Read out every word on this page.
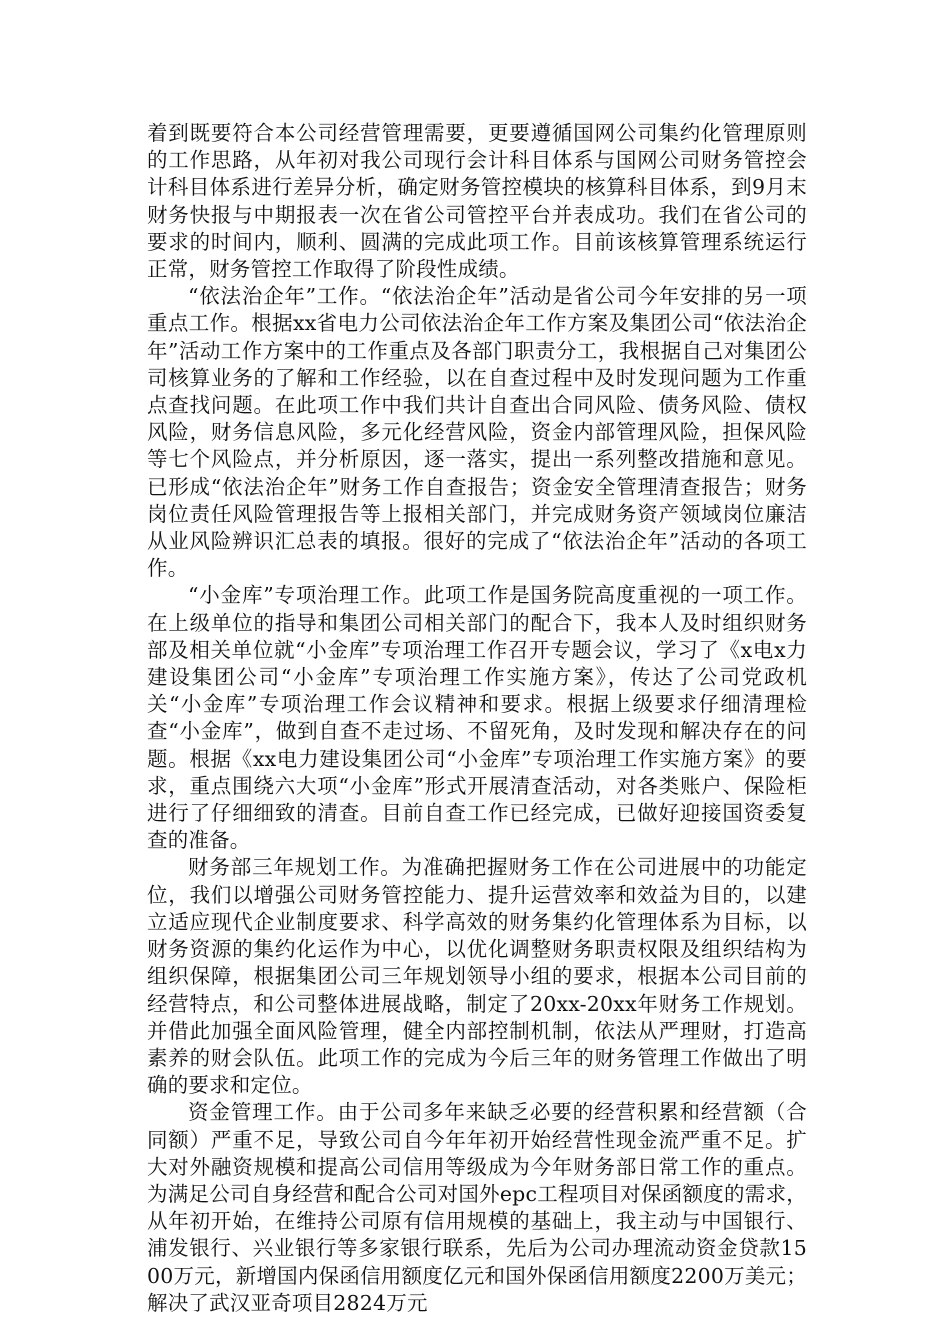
着到既要符合本公司经营管理需要，更要遵循国网公司集约化管理原则的工作思路，从年初对我公司现行会计科目体系与国网公司财务管控会计科目体系进行差异分析，确定财务管控模块的核算科目体系，到9月末财务快报与中期报表一次在省公司管控平台并表成功。我们在省公司的要求的时间内，顺利、圆满的完成此项工作。目前该核算管理系统运行正常，财务管控工作取得了阶段性成绩。

“依法治企年”工作。“依法治企年”活动是省公司今年安排的另一项重点工作。根据xx省电力公司依法治企年工作方案及集团公司“依法治企年”活动工作方案中的工作重点及各部门职责分工，我根据自己对集团公司核算业务的了解和工作经验，以在自查过程中及时发现问题为工作重点查找问题。在此项工作中我们共计自查出合同风险、债务风险、债权风险，财务信息风险，多元化经营风险，资金内部管理风险，担保风险等七个风险点，并分析原因，逐一落实，提出一系列整改措施和意见。已形成“依法治企年”财务工作自查报告；资金安全管理清查报告；财务岗位责任风险管理报告等上报相关部门，并完成财务资产领域岗位廉洁从业风险辨识汇总表的填报。很好的完成了“依法治企年”活动的各项工作。

“小金库”专项治理工作。此项工作是国务院高度重视的一项工作。在上级单位的指导和集团公司相关部门的配合下，我本人及时组织财务部及相关单位就“小金库”专项治理工作召开专题会议，学习了《x电x力建设集团公司“小金库”专项治理工作实施方案》，传达了公司党政机关“小金库”专项治理工作会议精神和要求。根据上级要求仔细清理检查“小金库”，做到自查不走过场、不留死角，及时发现和解决存在的问题。根据《xx电力建设集团公司“小金库”专项治理工作实施方案》的要求，重点围绕六大项“小金库”形式开展清查活动，对各类账户、保险柜进行了仔细细致的清查。目前自查工作已经完成，已做好迎接国资委复查的准备。

财务部三年规划工作。为准确把握财务工作在公司进展中的功能定位，我们以增强公司财务管控能力、提升运营效率和效益为目的，以建立适应现代企业制度要求、科学高效的财务集约化管理体系为目标，以财务资源的集约化运作为中心，以优化调整财务职责权限及组织结构为组织保障，根据集团公司三年规划领导小组的要求，根据本公司目前的经营特点，和公司整体进展战略，制定了20xx-20xx年财务工作规划。并借此加强全面风险管理，健全内部控制机制，依法从严理财，打造高素养的财会队伍。此项工作的完成为今后三年的财务管理工作做出了明确的要求和定位。

资金管理工作。由于公司多年来缺乏必要的经营积累和经营额（合同额）严重不足，导致公司自今年年初开始经营性现金流严重不足。扩大对外融资规模和提高公司信用等级成为今年财务部日常工作的重点。为满足公司自身经营和配合公司对国外epc工程项目对保函额度的需求，从年初开始，在维持公司原有信用规模的基础上，我主动与中国银行、浦发银行、兴业银行等多家银行联系，先后为公司办理流动资金贷款1500万元，新增国内保函信用额度亿元和国外保函信用额度2200万美元；解决了武汉亚奇项目2824万元
